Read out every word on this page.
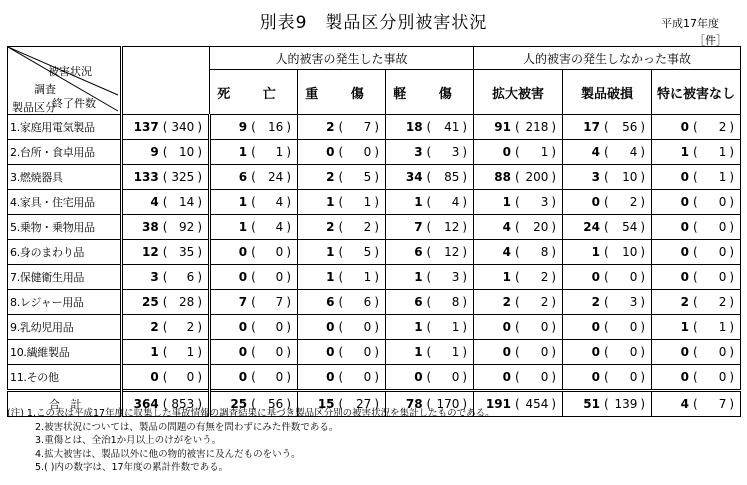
別表9　製品区分別被害状況	平成17年度
［件］
被害状況
調査
終了件数
製品区分		人的被害の発生した事故			人的被害の発生しなかった事故		
		死 亡	重 傷	軽 傷	拡大被害	製品破損	特に被害なし
1.家庭用電気製品	137 ( 340 )	9 ( 16 )	2 ( 7 )	18 ( 41 )	91 ( 218 )	17 ( 56 )	0 ( 2 )

2.台所・食卓用品	9 ( 10 )	1 ( 1 )	0 ( 0 )	3 ( 3 )	0 ( 1 )	4 ( 4 )	1 ( 1 )

3.燃焼器具	133 ( 325 )	6 ( 24 )	2 ( 5 )	34 ( 85 )	88 ( 200 )	3 ( 10 )	0 ( 1 )

4.家具・住宅用品	4 ( 14 )	1 ( 4 )	1 ( 1 )	1 ( 4 )	1 ( 3 )	0 ( 2 )	0 ( 0 )

5.乗物・乗物用品	38 ( 92 )	1 ( 4 )	2 ( 2 )	7 ( 12 )	4 ( 20 )	24 ( 54 )	0 ( 0 )

6.身のまわり品	12 ( 35 )	0 ( 0 )	1 ( 5 )	6 ( 12 )	4 ( 8 )	1 ( 10 )	0 ( 0 )

7.保健衛生用品	3 ( 6 )	0 ( 0 )	1 ( 1 )	1 ( 3 )	1 ( 2 )	0 ( 0 )	0 ( 0 )

8.レジャー用品	25 ( 28 )	7 ( 7 )	6 ( 6 )	6 ( 8 )	2 ( 2 )	2 ( 3 )	2 ( 2 )

9.乳幼児用品	2 ( 2 )	0 ( 0 )	0 ( 0 )	1 ( 1 )	0 ( 0 )	0 ( 0 )	1 ( 1 )

10.繊維製品	1 ( 1 )	0 ( 0 )	0 ( 0 )	1 ( 1 )	0 ( 0 )	0 ( 0 )	0 ( 0 )

11.その他	0 ( 0 )	0 ( 0 )	0 ( 0 )	0 ( 0 )	0 ( 0 )	0 ( 0 )	0 ( 0 )

合　計	364 ( 853 )	25 ( 56 )	15 ( 27 )	78 ( 170 )	191 ( 454 )	51 ( 139 )	4 ( 7 )
(注) 1.この表は平成17年度に収集した事故情報の調査結果に基づき製品区分別の被害状況を集計したものである。
2.被害状況については、製品の問題の有無を問わずにみた件数である。
3.重傷とは、全治1か月以上のけがをいう。
4.拡大被害は、製品以外に他の物的被害に及んだものをいう。
5.( )内の数字は、17年度の累計件数である。
